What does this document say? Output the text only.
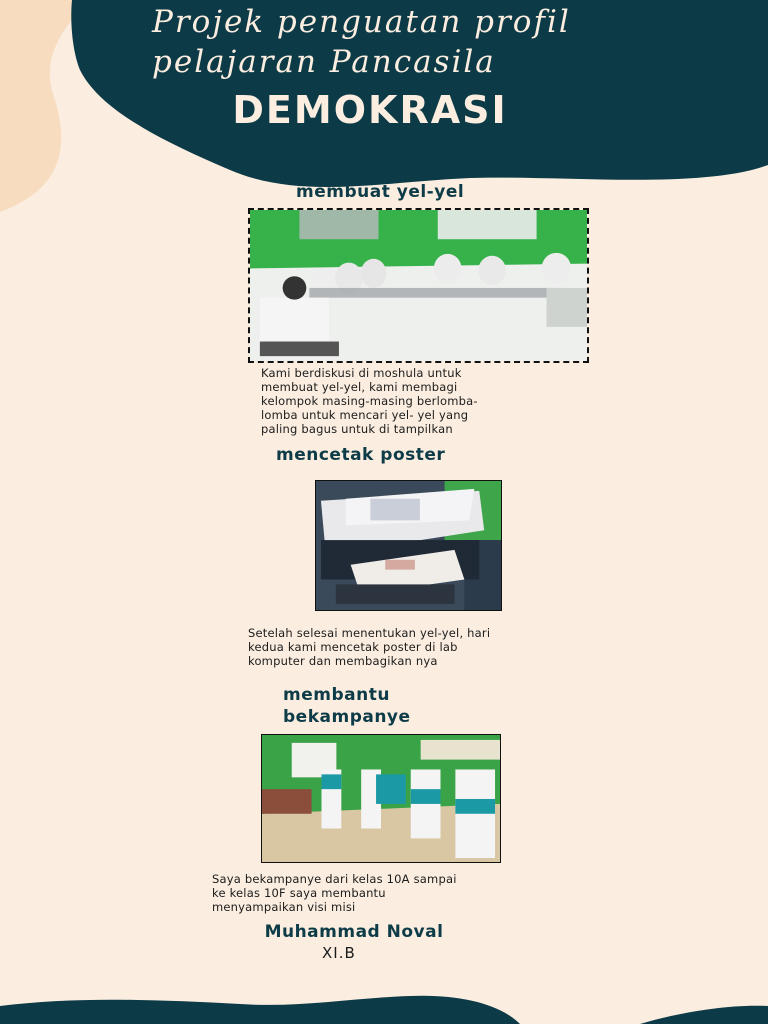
Projek penguatan profil
pelajaran Pancasila
DEMOKRASI
membuat yel-yel
Kami berdiskusi di moshula untuk
membuat yel-yel, kami membagi
kelompok masing-masing berlomba-
lomba untuk mencari yel- yel yang
paling bagus untuk di tampilkan
mencetak poster
Setelah selesai menentukan yel-yel, hari
kedua kami mencetak poster di lab
komputer dan membagikan nya
membantu
bekampanye
Saya bekampanye dari kelas 10A sampai
ke kelas 10F saya membantu
menyampaikan visi misi
Muhammad Noval
XI.B
